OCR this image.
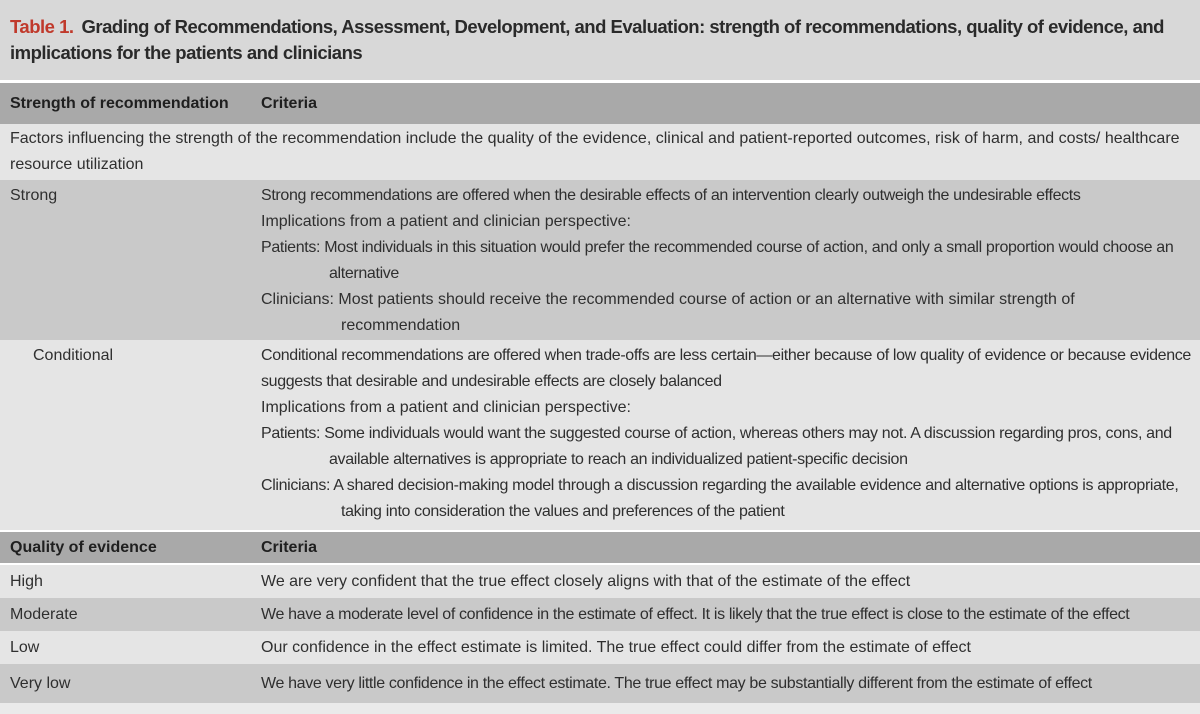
Table 1. Grading of Recommendations, Assessment, Development, and Evaluation: strength of recommendations, quality of evidence, and implications for the patients and clinicians
Strength of recommendation	Criteria
Factors influencing the strength of the recommendation include the quality of the evidence, clinical and patient-reported outcomes, risk of harm, and costs/ healthcare resource utilization
Strong	Strong recommendations are offered when the desirable effects of an intervention clearly outweigh the undesirable effects
Implications from a patient and clinician perspective:
Patients: Most individuals in this situation would prefer the recommended course of action, and only a small proportion would choose an alternative
Clinicians: Most patients should receive the recommended course of action or an alternative with similar strength of recommendation
Conditional	Conditional recommendations are offered when trade-offs are less certain—either because of low quality of evidence or because evidence suggests that desirable and undesirable effects are closely balanced
Implications from a patient and clinician perspective:
Patients: Some individuals would want the suggested course of action, whereas others may not. A discussion regarding pros, cons, and available alternatives is appropriate to reach an individualized patient-specific decision
Clinicians: A shared decision-making model through a discussion regarding the available evidence and alternative options is appropriate, taking into consideration the values and preferences of the patient
Quality of evidence	Criteria
High	We are very confident that the true effect closely aligns with that of the estimate of the effect
Moderate	We have a moderate level of confidence in the estimate of effect. It is likely that the true effect is close to the estimate of the effect
Low	Our confidence in the effect estimate is limited. The true effect could differ from the estimate of effect
Very low	We have very little confidence in the effect estimate. The true effect may be substantially different from the estimate of effect
